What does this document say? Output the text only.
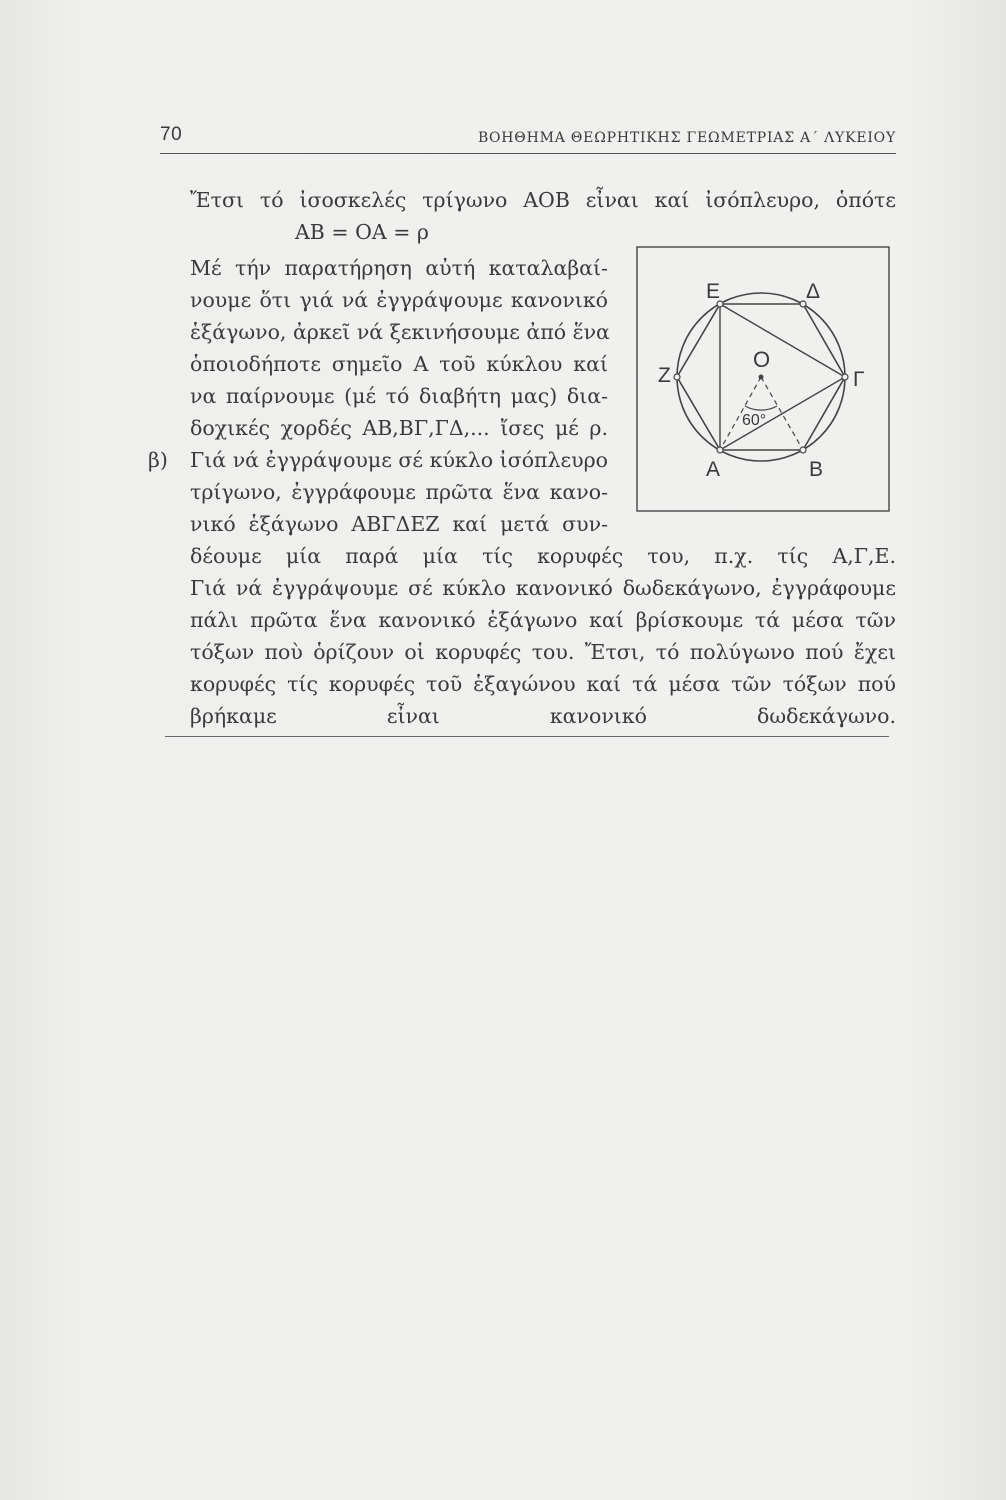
70	ΒΟΗΘΗΜΑ ΘΕΩΡΗΤΙΚΗΣ ΓΕΩΜΕΤΡΙΑΣ Α΄ ΛΥΚΕΙΟΥ
Ἔτσι τό ἰσοσκελές τρίγωνο ΑΟΒ εἶναι καί ἰσόπλευρο, ὁπότε
ΑΒ = ΟΑ = ρ
Μέ τήν παρατήρηση αὐτή καταλαβαί-
νουμε ὅτι γιά νά ἐγγράψουμε κανονικό
ἑξάγωνο, ἀρκεῖ νά ξεκινήσουμε ἀπό ἕνα
ὁποιοδήποτε σημεῖο Α τοῦ κύκλου καί
να παίρνουμε (μέ τό διαβήτη μας) δια-
δοχικές χορδές ΑΒ,ΒΓ,ΓΔ,... ἴσες μέ ρ.
β) Γιά νά ἐγγράψουμε σέ κύκλο ἰσόπλευρο
τρίγωνο, ἐγγράφουμε πρῶτα ἕνα κανο-
νικό ἑξάγωνο ΑΒΓΔΕΖ καί μετά συν-
δέουμε μία παρά μία τίς κορυφές του, π.χ. τίς Α,Γ,Ε.
Γιά νά ἐγγράψουμε σέ κύκλο κανονικό δωδεκάγωνο, ἐγγράφουμε
πάλι πρῶτα ἕνα κανονικό ἑξάγωνο καί βρίσκουμε τά μέσα τῶν
τόξων ποὺ ὁρίζουν οἱ κορυφές του. Ἔτσι, τό πολύγωνο πού ἔχει
κορυφές τίς κορυφές τοῦ ἑξαγώνου καί τά μέσα τῶν τόξων πού
βρήκαμε εἶναι κανονικό δωδεκάγωνο.
Ε	Δ
Ζ
Ο
Γ
Α	Β
60°
